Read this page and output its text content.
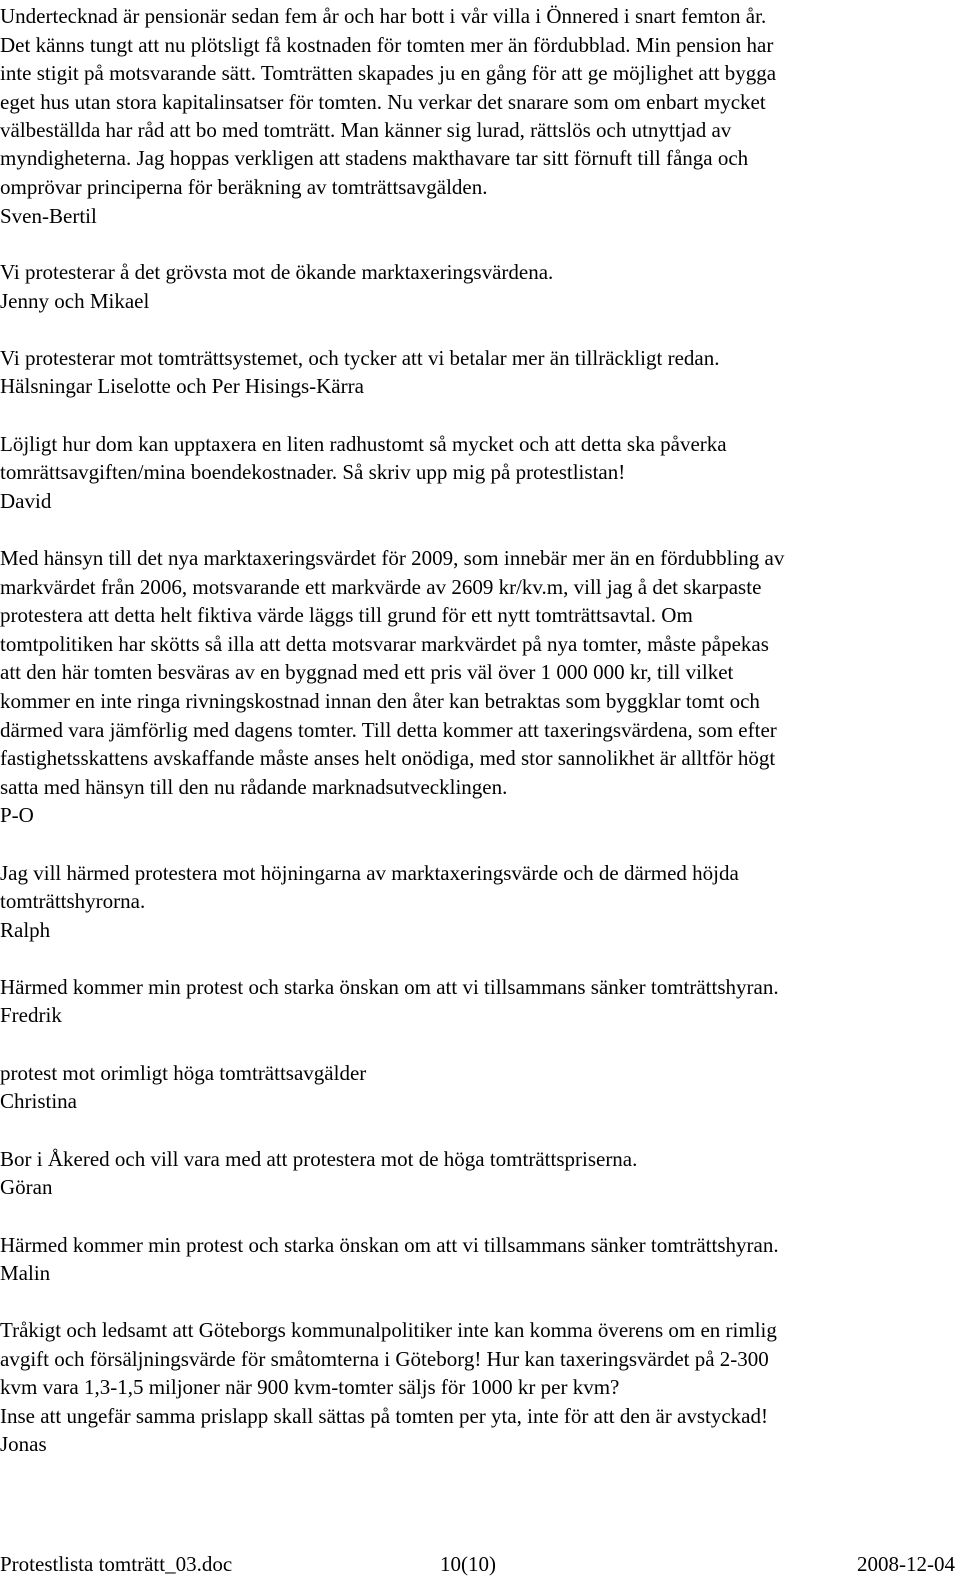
Undertecknad är pensionär sedan fem år och har bott i vår villa i Önnered i snart femton år.
Det känns tungt att nu plötsligt få kostnaden för tomten mer än fördubblad. Min pension har
inte stigit på motsvarande sätt. Tomträtten skapades ju en gång för att ge möjlighet att bygga
eget hus utan stora kapitalinsatser för tomten. Nu verkar det snarare som om enbart mycket
välbeställda har råd att bo med tomträtt. Man känner sig lurad, rättslös och utnyttjad av
myndigheterna. Jag hoppas verkligen att stadens makthavare tar sitt förnuft till fånga och
omprövar principerna för beräkning av tomträttsavgälden.
Sven-Bertil
Vi protesterar å det grövsta mot de ökande marktaxeringsvärdena.
Jenny och Mikael
Vi protesterar mot tomträttsystemet, och tycker att vi betalar mer än tillräckligt redan.
Hälsningar Liselotte och Per Hisings-Kärra
Löjligt hur dom kan upptaxera en liten radhustomt så mycket och att detta ska påverka
tomrättsavgiften/mina boendekostnader. Så skriv upp mig på protestlistan!
David
Med hänsyn till det nya marktaxeringsvärdet för 2009, som innebär mer än en fördubbling av
markvärdet från 2006, motsvarande ett markvärde av 2609 kr/kv.m, vill jag å det skarpaste
protestera att detta helt fiktiva värde läggs till grund för ett nytt tomträttsavtal. Om
tomtpolitiken har skötts så illa att detta motsvarar markvärdet på nya tomter, måste påpekas
att den här tomten besväras av en byggnad med ett pris väl över 1 000 000 kr, till vilket
kommer en inte ringa rivningskostnad innan den åter kan betraktas som byggklar tomt och
därmed vara jämförlig med dagens tomter. Till detta kommer att taxeringsvärdena, som efter
fastighetsskattens avskaffande måste anses helt onödiga, med stor sannolikhet är alltför högt
satta med hänsyn till den nu rådande marknadsutvecklingen.
P-O
Jag vill härmed protestera mot höjningarna av marktaxeringsvärde och de därmed höjda
tomträttshyrorna.
Ralph
Härmed kommer min protest och starka önskan om att vi tillsammans sänker tomträttshyran.
Fredrik
protest mot orimligt höga tomträttsavgälder
Christina
Bor i Åkered och vill vara med att protestera mot de höga tomträttspriserna.
Göran
Härmed kommer min protest och starka önskan om att vi tillsammans sänker tomträttshyran.
Malin
Tråkigt och ledsamt att Göteborgs kommunalpolitiker inte kan komma överens om en rimlig
avgift och försäljningsvärde för småtomterna i Göteborg! Hur kan taxeringsvärdet på 2-300
kvm vara 1,3-1,5 miljoner när 900 kvm-tomter säljs för 1000 kr per kvm?
Inse att ungefär samma prislapp skall sättas på tomten per yta, inte för att den är avstyckad!
Jonas
Protestlista tomträtt_03.doc	10(10)	2008-12-04
